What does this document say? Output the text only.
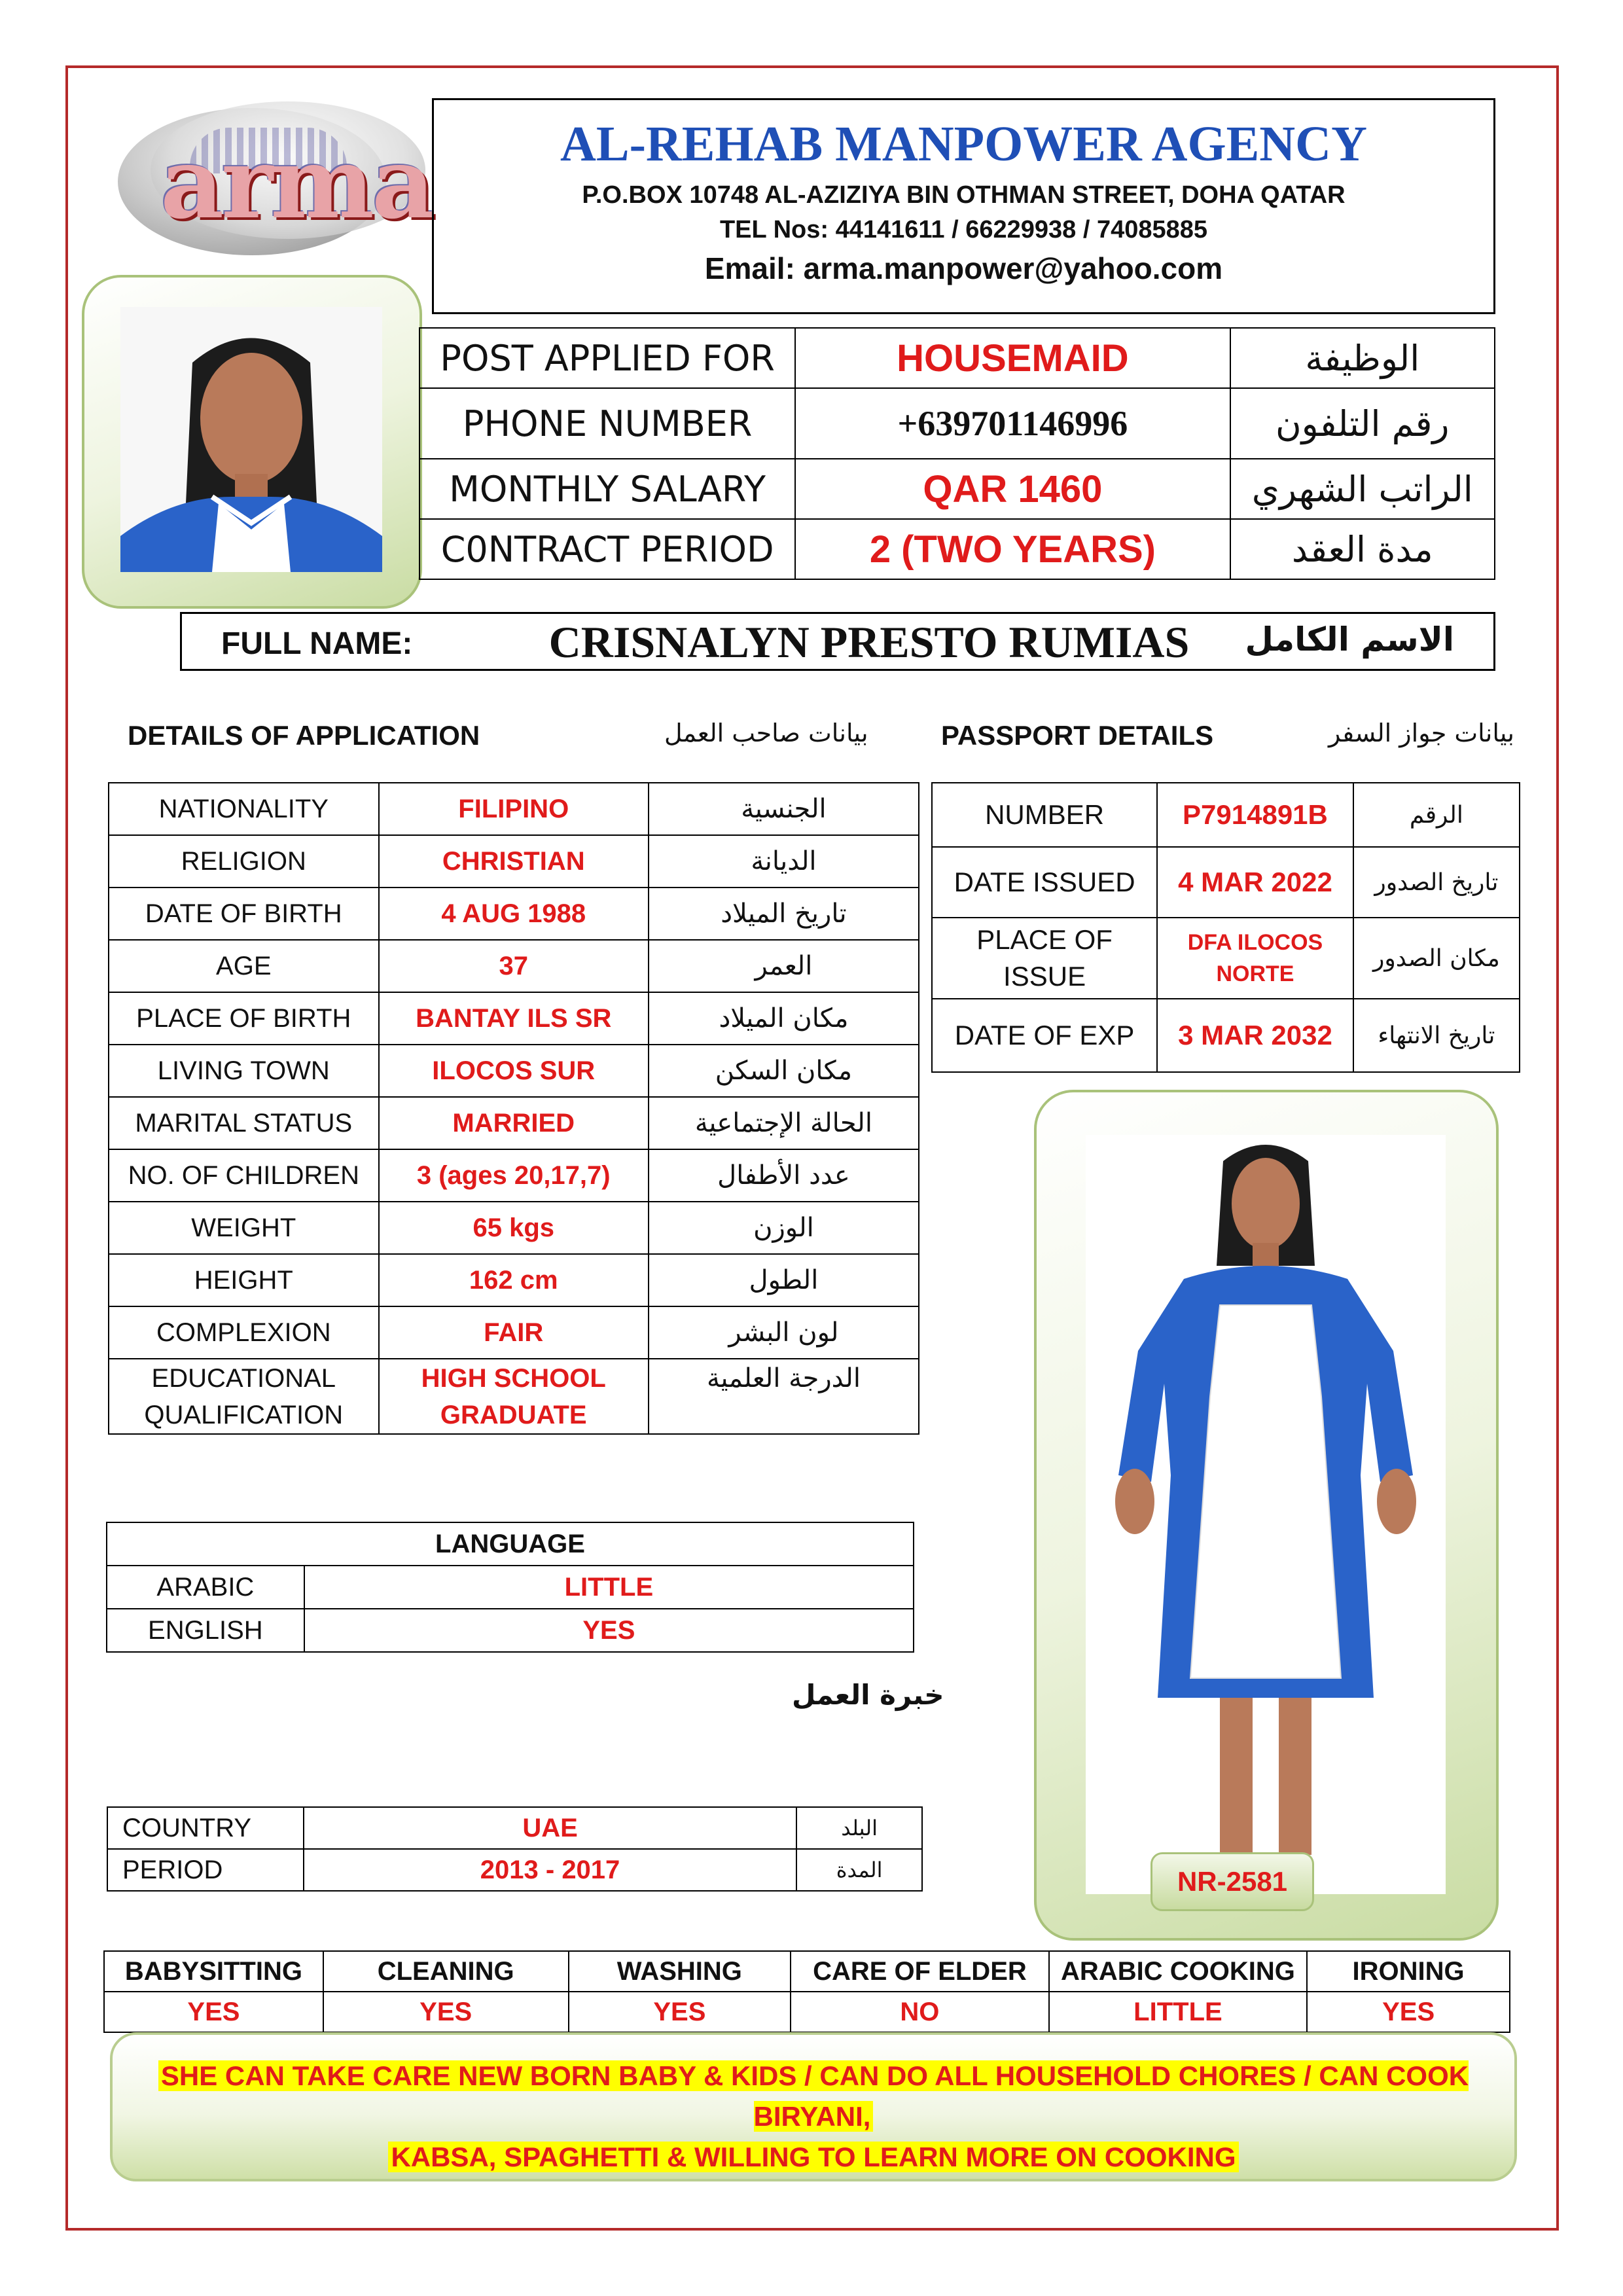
arma	AL-REHAB MANPOWER AGENCY
P.O.BOX 10748 AL-AZIZIYA BIN OTHMAN STREET, DOHA QATAR
TEL Nos: 44141611 / 66229938 / 74085885
Email: arma.manpower@yahoo.com
POST APPLIED FOR	HOUSEMAID	الوظيفة
PHONE NUMBER	+639701146996	رقم التلفون
MONTHLY SALARY	QAR 1460	الراتب الشهري
C0NTRACT PERIOD	2 (TWO YEARS)	مدة العقد
FULL NAME:	CRISNALYN PRESTO RUMIAS	الاسم الكامل
DETAILS OF APPLICATION	بيانات صاحب العمل	PASSPORT DETAILS	بيانات جواز السفر
NATIONALITY	FILIPINO	الجنسية
RELIGION	CHRISTIAN	الديانة
DATE OF BIRTH	4 AUG 1988	تاريخ الميلاد
AGE	37	العمر
PLACE OF BIRTH	BANTAY ILS SR	مكان الميلاد
LIVING TOWN	ILOCOS SUR	مكان السكن
MARITAL STATUS	MARRIED	الحالة الإجتماعية
NO. OF CHILDREN	3 (ages 20,17,7)	عدد الأطفال
WEIGHT	65 kgs	الوزن
HEIGHT	162 cm	الطول
COMPLEXION	FAIR	لون البشر
EDUCATIONAL QUALIFICATION	HIGH SCHOOL GRADUATE	الدرجة العلمية
NUMBER	P7914891B	الرقم
DATE ISSUED	4 MAR 2022	تاريخ الصدور
PLACE OF ISSUE	DFA ILOCOS NORTE	مكان الصدور
DATE OF EXP	3 MAR 2032	تاريخ الانتهاء
NR-2581
LANGUAGE	
ARABIC	LITTLE
ENGLISH	YES
خبرة العمل
COUNTRY	UAE	البلد
PERIOD	2013 - 2017	المدة
BABYSITTING	CLEANING	WASHING	CARE OF ELDER	ARABIC COOKING	IRONING
YES	YES	YES	NO	LITTLE	YES
SHE CAN TAKE CARE NEW BORN BABY & KIDS / CAN DO ALL HOUSEHOLD CHORES / CAN COOK BIRYANI,
KABSA, SPAGHETTI & WILLING TO LEARN MORE ON COOKING
